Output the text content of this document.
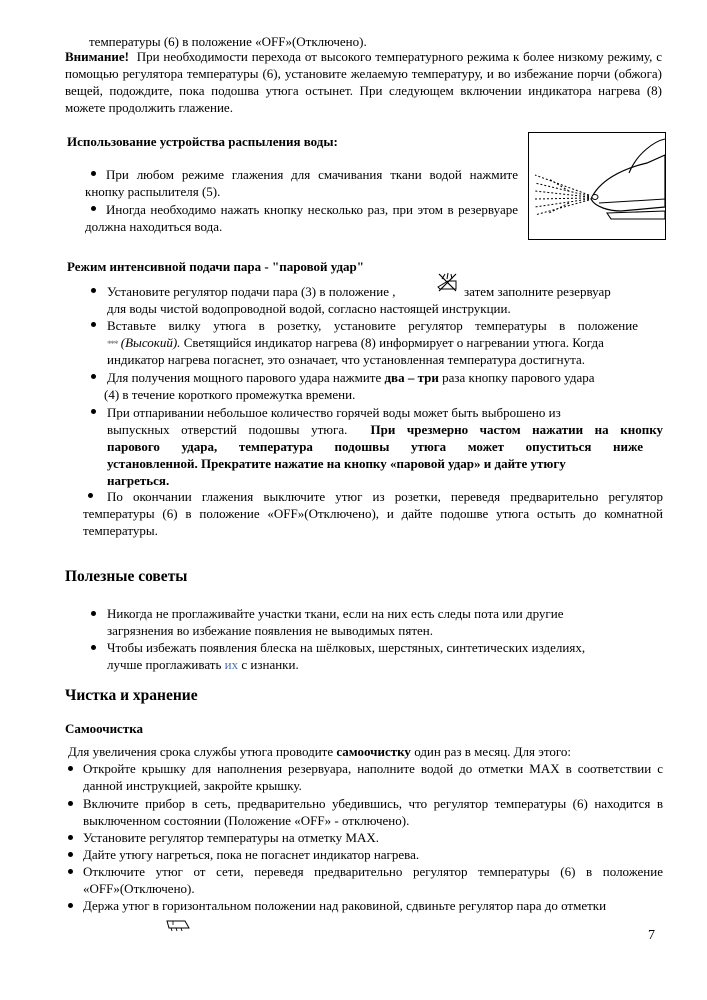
температуры (6) в положение «OFF»(Отключено).

Внимание! При необходимости перехода от высокого температурного режима к более низкому режиму, с помощью регулятора температуры (6), установите желаемую температуру, и во избежание порчи (обжога) вещей, подождите, пока подошва утюга остынет. При следующем включении индикатора нагрева (8) можете продолжить глажение.

Использование устройства распыления воды:

При любом режиме глажения для смачивания ткани водой нажмите кнопку распылителя (5).

Иногда необходимо нажать кнопку несколько раз, при этом в резервуаре должна находиться вода.

Режим интенсивной подачи пара - "паровой удар"

Установите регулятор подачи пара (3) в положение ,	затем заполните резервуар

для воды чистой водопроводной водой, согласно настоящей инструкции.

Вставьте вилку утюга в розетку, установите регулятор температуры в положение

*** (Высокий). Светящийся индикатор нагрева (8) информирует о нагревании утюга. Когда

индикатор нагрева погаснет, это означает, что установленная температура достигнута.

Для получения мощного парового удара нажмите два – три раза кнопку парового удара

(4) в течение короткого промежутка времени.

При отпаривании небольшое количество горячей воды может быть выброшено из

выпускных отверстий подошвы утюга. При чрезмерно частом нажатии на кнопку

парового удара, температура подошвы утюга может опуститься ниже

установленной. Прекратите нажатие на кнопку «паровой удар» и дайте утюгу

нагреться.

По окончании глажения выключите утюг из розетки, переведя предварительно регулятор температуры (6) в положение «OFF»(Отключено), и дайте подошве утюга остыть до комнатной температуры.

Полезные советы

Никогда не проглаживайте участки ткани, если на них есть следы пота или другие

загрязнения во избежание появления не выводимых пятен.

Чтобы избежать появления блеска на шёлковых, шерстяных, синтетических изделиях,

лучше проглаживать их с изнанки.

Чистка и хранение

Самоочистка

Для увеличения срока службы утюга проводите самоочистку один раз в месяц. Для этого:

Откройте крышку для наполнения резервуара, наполните водой до отметки MAX в соответствии с данной инструкцией, закройте крышку.

Включите прибор в сеть, предварительно убедившись, что регулятор температуры (6) находится в выключенном состоянии (Положение «OFF» - отключено).

Установите регулятор температуры на отметку MAX.

Дайте утюгу нагреться, пока не погаснет индикатор нагрева.

Отключите утюг от сети, переведя предварительно регулятор температуры (6) в положение «OFF»(Отключено).

Держа утюг в горизонтальном положении над раковиной, сдвиньте регулятор пара до отметки

7
